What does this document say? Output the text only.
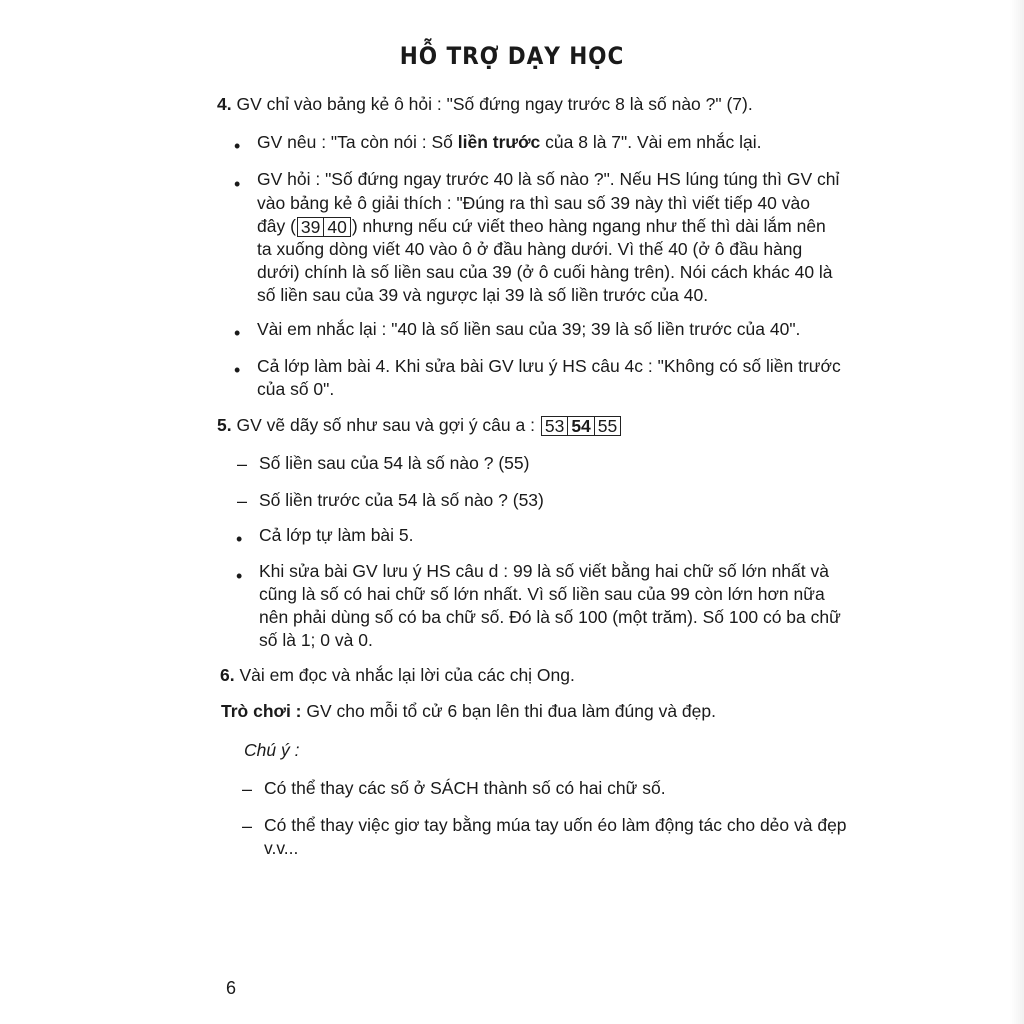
HỖ TRỢ DẠY HỌC
4. GV chỉ vào bảng kẻ ô hỏi : "Số đứng ngay trước 8 là số nào ?" (7).
• GV nêu : "Ta còn nói : Số liền trước của 8 là 7". Vài em nhắc lại.
• GV hỏi : "Số đứng ngay trước 40 là số nào ?". Nếu HS lúng túng thì GV chỉ
vào bảng kẻ ô giải thích : "Đúng ra thì sau số 39 này thì viết tiếp 40 vào
đây ( 39 40 ) nhưng nếu cứ viết theo hàng ngang như thế thì dài lắm nên
ta xuống dòng viết 40 vào ô ở đầu hàng dưới. Vì thế 40 (ở ô đầu hàng
dưới) chính là số liền sau của 39 (ở ô cuối hàng trên). Nói cách khác 40 là
số liền sau của 39 và ngược lại 39 là số liền trước của 40.
• Vài em nhắc lại : "40 là số liền sau của 39; 39 là số liền trước của 40".
• Cả lớp làm bài 4. Khi sửa bài GV lưu ý HS câu 4c : "Không có số liền trước
của số 0".
5. GV vẽ dãy số như sau và gợi ý câu a : 53 54 55
– Số liền sau của 54 là số nào ? (55)
– Số liền trước của 54 là số nào ? (53)
• Cả lớp tự làm bài 5.
• Khi sửa bài GV lưu ý HS câu d : 99 là số viết bằng hai chữ số lớn nhất và
cũng là số có hai chữ số lớn nhất. Vì số liền sau của 99 còn lớn hơn nữa
nên phải dùng số có ba chữ số. Đó là số 100 (một trăm). Số 100 có ba chữ
số là 1; 0 và 0.
6. Vài em đọc và nhắc lại lời của các chị Ong.
Trò chơi : GV cho mỗi tổ cử 6 bạn lên thi đua làm đúng và đẹp.
Chú ý :
– Có thể thay các số ở SÁCH thành số có hai chữ số.
– Có thể thay việc giơ tay bằng múa tay uốn éo làm động tác cho dẻo và đẹp
v.v...
6
